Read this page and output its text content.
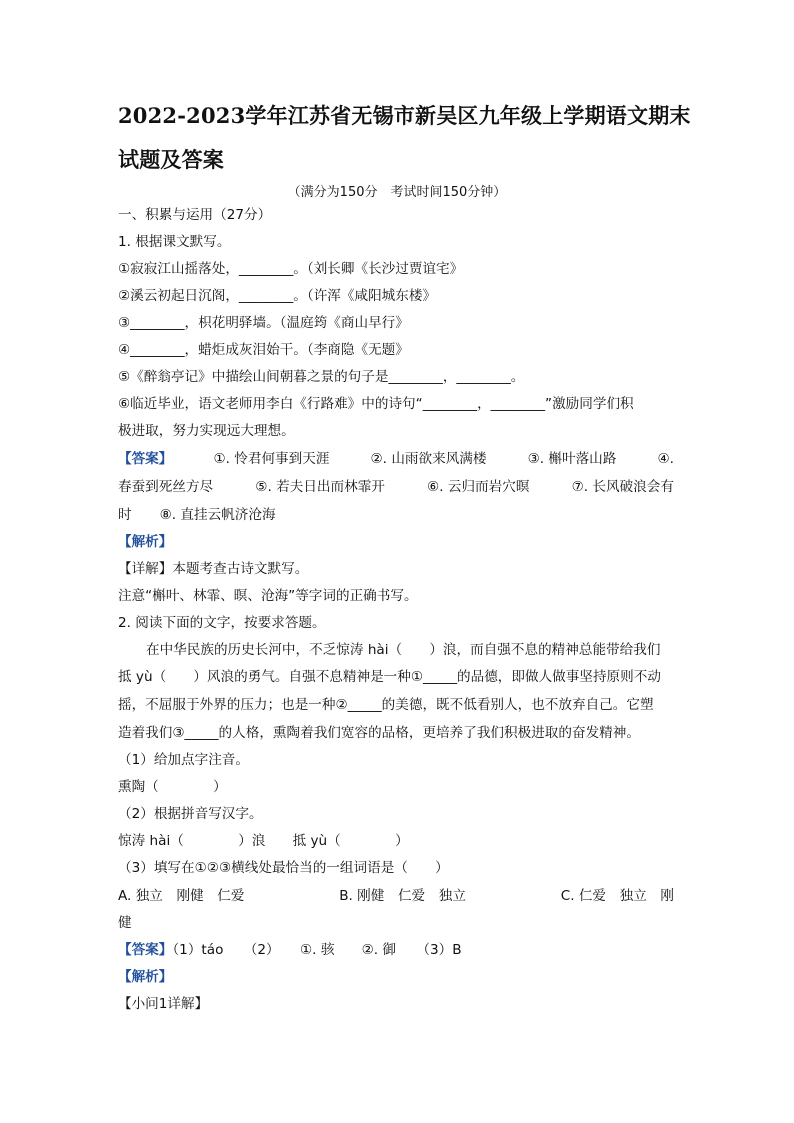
2022-2023学年江苏省无锡市新吴区九年级上学期语文期末
试题及答案
（满分为150分　考试时间150分钟）
一、积累与运用（27分）
1. 根据课文默写。
①寂寂江山摇落处，________。（刘长卿《长沙过贾谊宅》
②溪云初起日沉阁，________。（许浑《咸阳城东楼》
③________，枳花明驿墙。（温庭筠《商山早行》
④________，蜡炬成灰泪始干。（李商隐《无题》
⑤《醉翁亭记》中描绘山间朝暮之景的句子是________，________。
⑥临近毕业，语文老师用李白《行路难》中的诗句“________，________”激励同学们积
极进取，努力实现远大理想。
【答案】	①. 怜君何事到天涯	②. 山雨欲来风满楼	③. 槲叶落山路	④.
春蚕到死丝方尽	⑤. 若夫日出而林霏开	⑥. 云归而岩穴暝	⑦. 长风破浪会有
时 ⑧. 直挂云帆济沧海
【解析】
【详解】本题考查古诗文默写。
注意“槲叶、林霏、暝、沧海”等字词的正确书写。
2. 阅读下面的文字，按要求答题。
在中华民族的历史长河中，不乏惊涛 hài（　　）浪，而自强不息的精神总能带给我们
抵 yù（　　）风浪的勇气。自强不息精神是一种①_____的品德，即做人做事坚持原则不动
摇，不屈服于外界的压力；也是一种②_____的美德，既不低看别人，也不放弃自己。它塑
造着我们③_____的人格，熏陶着我们宽容的品格，更培养了我们积极进取的奋发精神。
（1）给加点字注音。
熏陶（　　　　）
（2）根据拼音写汉字。
惊涛 hài（　　　　）浪　　抵 yù（　　　　）
（3）填写在①②③横线处最恰当的一组词语是（　　）
A. 独立　刚健　仁爱	B. 刚健　仁爱　独立	C. 仁爱　独立　刚
健
【答案】（1）táo　　（2）　　①. 骇　　②. 御　　（3）B
【解析】
【小问1详解】
